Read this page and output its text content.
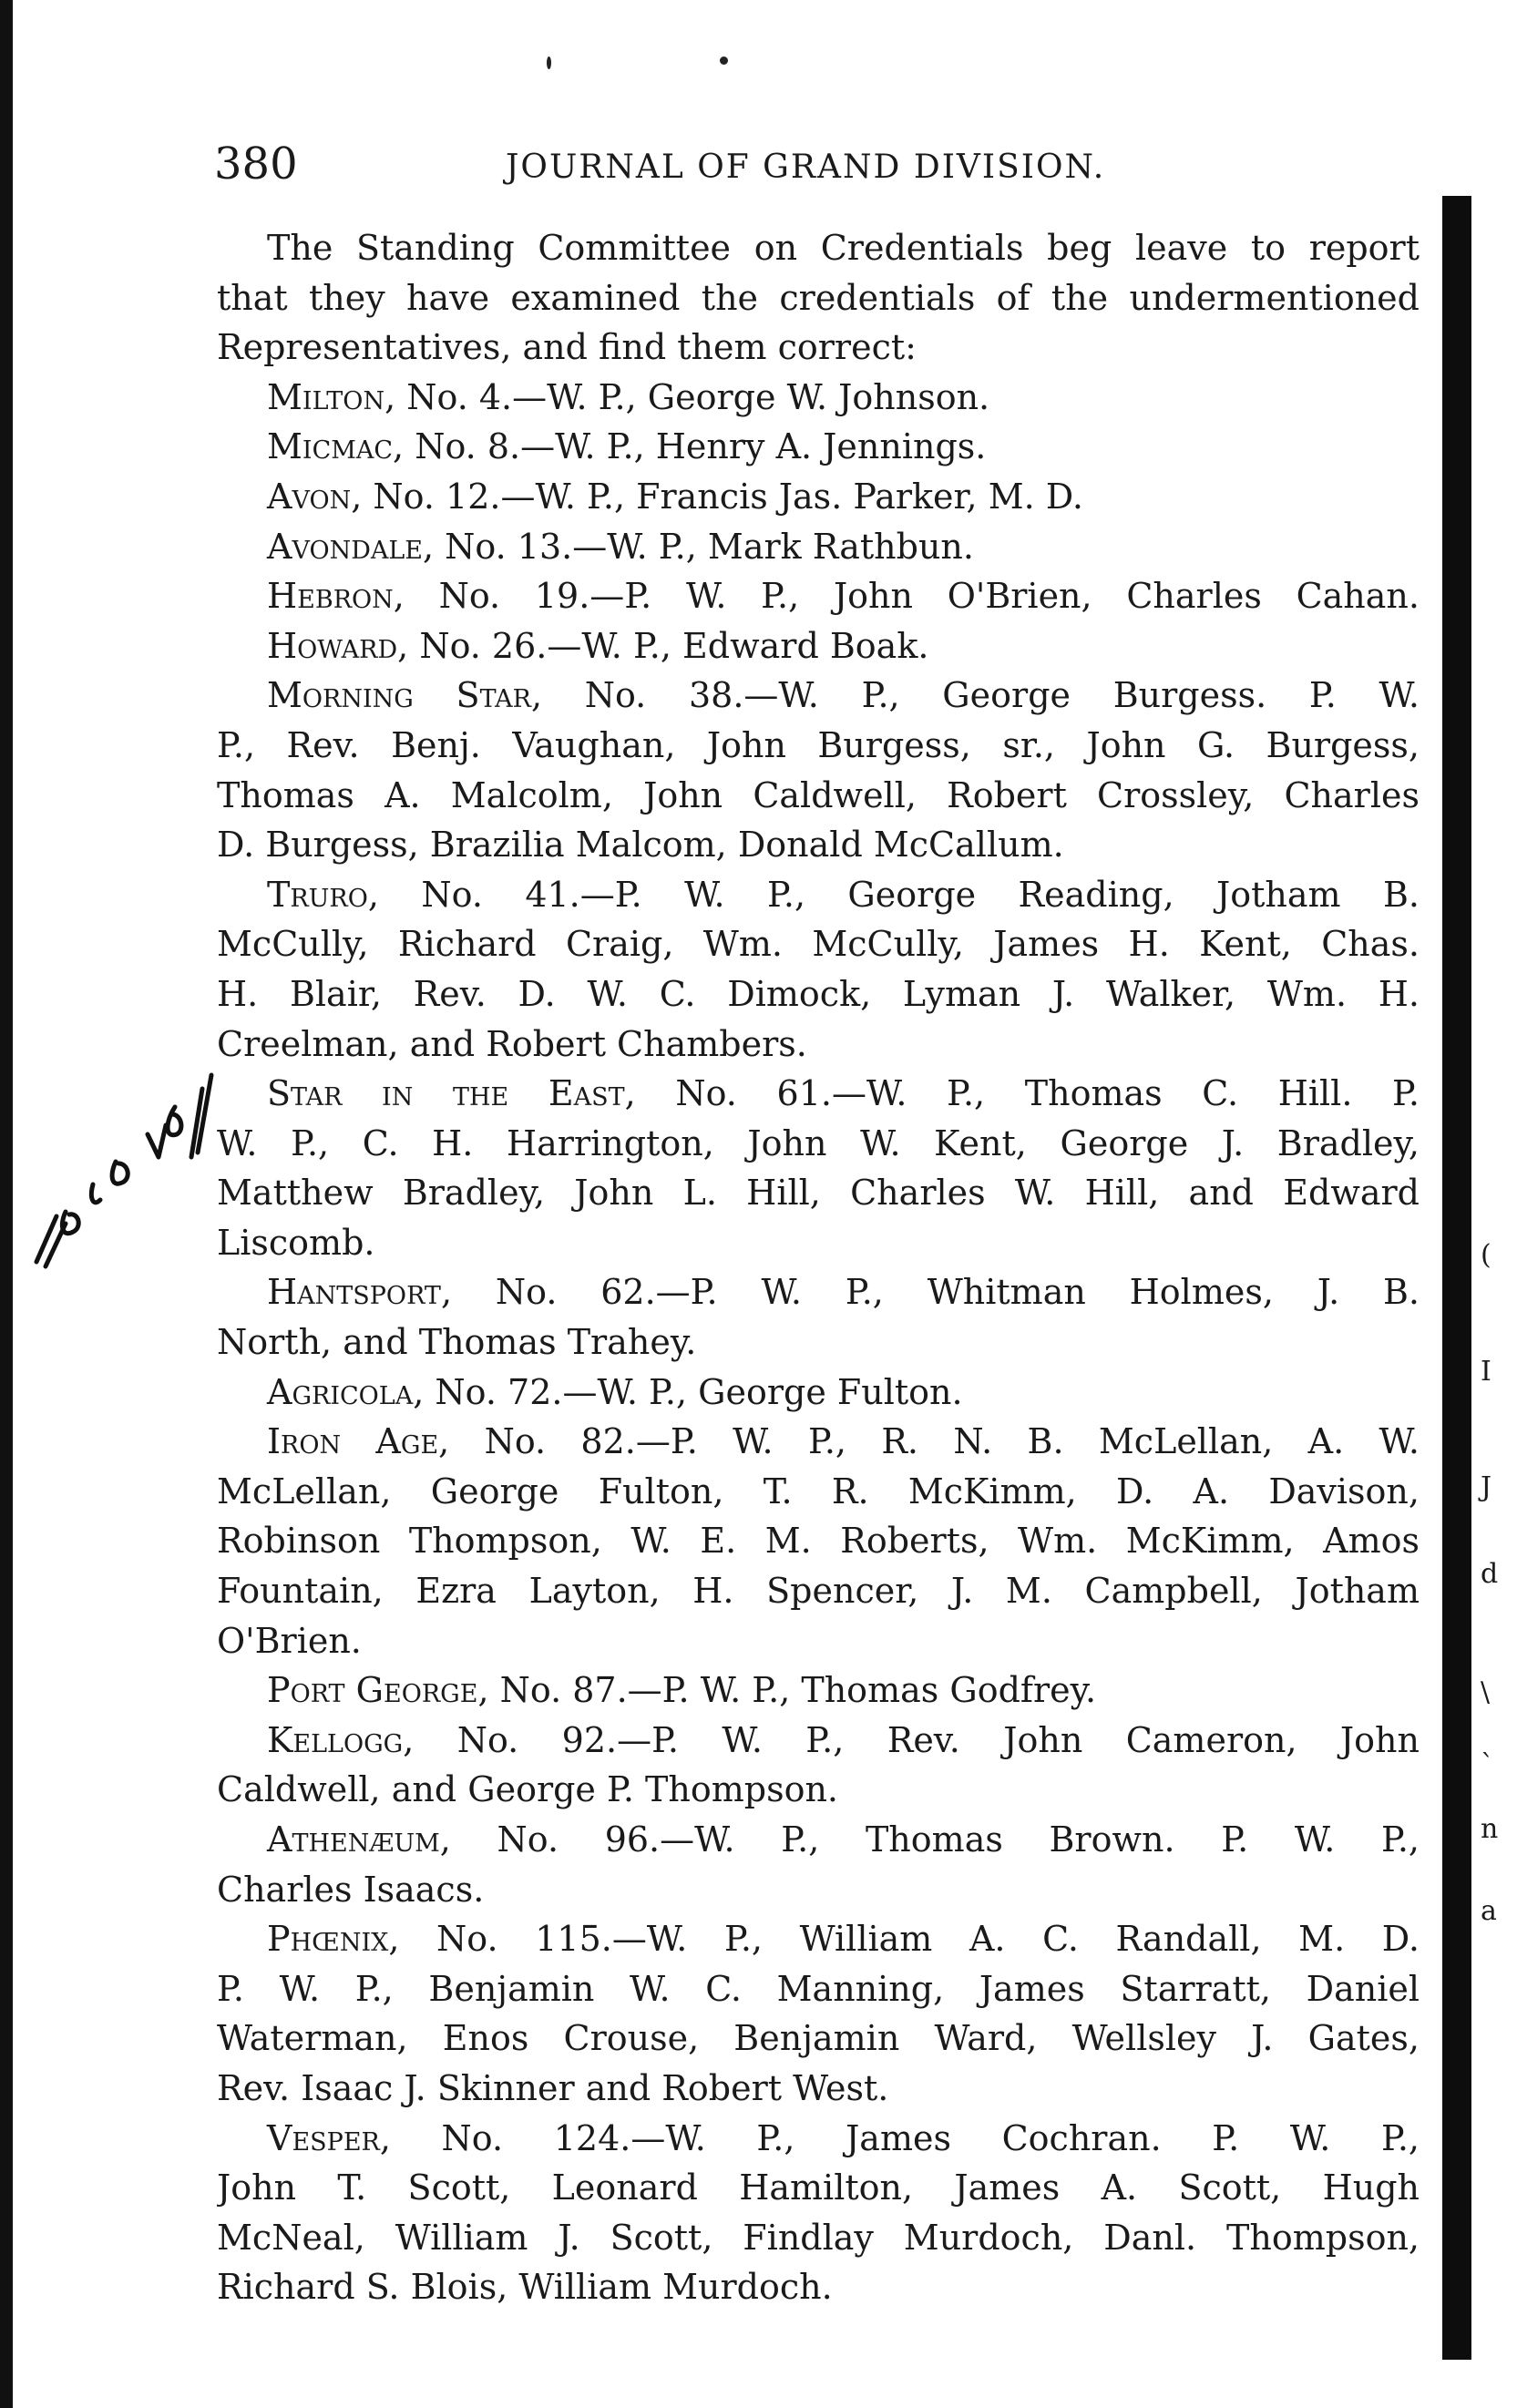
380	JOURNAL OF GRAND DIVISION.
The Standing Committee on Credentials beg leave to report
that they have examined the credentials of the undermentioned
Representatives, and find them correct:
Milton, No. 4.—W. P., George W. Johnson.
Micmac, No. 8.—W. P., Henry A. Jennings.
Avon, No. 12.—W. P., Francis Jas. Parker, M. D.
Avondale, No. 13.—W. P., Mark Rathbun.
Hebron, No. 19.—P. W. P., John O'Brien, Charles Cahan.
Howard, No. 26.—W. P., Edward Boak.
Morning Star, No. 38.—W. P., George Burgess. P. W.
P., Rev. Benj. Vaughan, John Burgess, sr., John G. Burgess,
Thomas A. Malcolm, John Caldwell, Robert Crossley, Charles
D. Burgess, Brazilia Malcom, Donald McCallum.
Truro, No. 41.—P. W. P., George Reading, Jotham B.
McCully, Richard Craig, Wm. McCully, James H. Kent, Chas.
H. Blair, Rev. D. W. C. Dimock, Lyman J. Walker, Wm. H.
Creelman, and Robert Chambers.
Star in the East, No. 61.—W. P., Thomas C. Hill. P.
W. P., C. H. Harrington, John W. Kent, George J. Bradley,
Matthew Bradley, John L. Hill, Charles W. Hill, and Edward
Liscomb.
Hantsport, No. 62.—P. W. P., Whitman Holmes, J. B.
North, and Thomas Trahey.
Agricola, No. 72.—W. P., George Fulton.
Iron Age, No. 82.—P. W. P., R. N. B. McLellan, A. W.
McLellan, George Fulton, T. R. McKimm, D. A. Davison,
Robinson Thompson, W. E. M. Roberts, Wm. McKimm, Amos
Fountain, Ezra Layton, H. Spencer, J. M. Campbell, Jotham
O'Brien.
Port George, No. 87.—P. W. P., Thomas Godfrey.
Kellogg, No. 92.—P. W. P., Rev. John Cameron, John
Caldwell, and George P. Thompson.
Athenæum, No. 96.—W. P., Thomas Brown. P. W. P.,
Charles Isaacs.
Phœnix, No. 115.—W. P., William A. C. Randall, M. D.
P. W. P., Benjamin W. C. Manning, James Starratt, Daniel
Waterman, Enos Crouse, Benjamin Ward, Wellsley J. Gates,
Rev. Isaac J. Skinner and Robert West.
Vesper, No. 124.—W. P., James Cochran. P. W. P.,
John T. Scott, Leonard Hamilton, James A. Scott, Hugh
McNeal, William J. Scott, Findlay Murdoch, Danl. Thompson,
Richard S. Blois, William Murdoch.
(
I
J
d
\
`
n
a
